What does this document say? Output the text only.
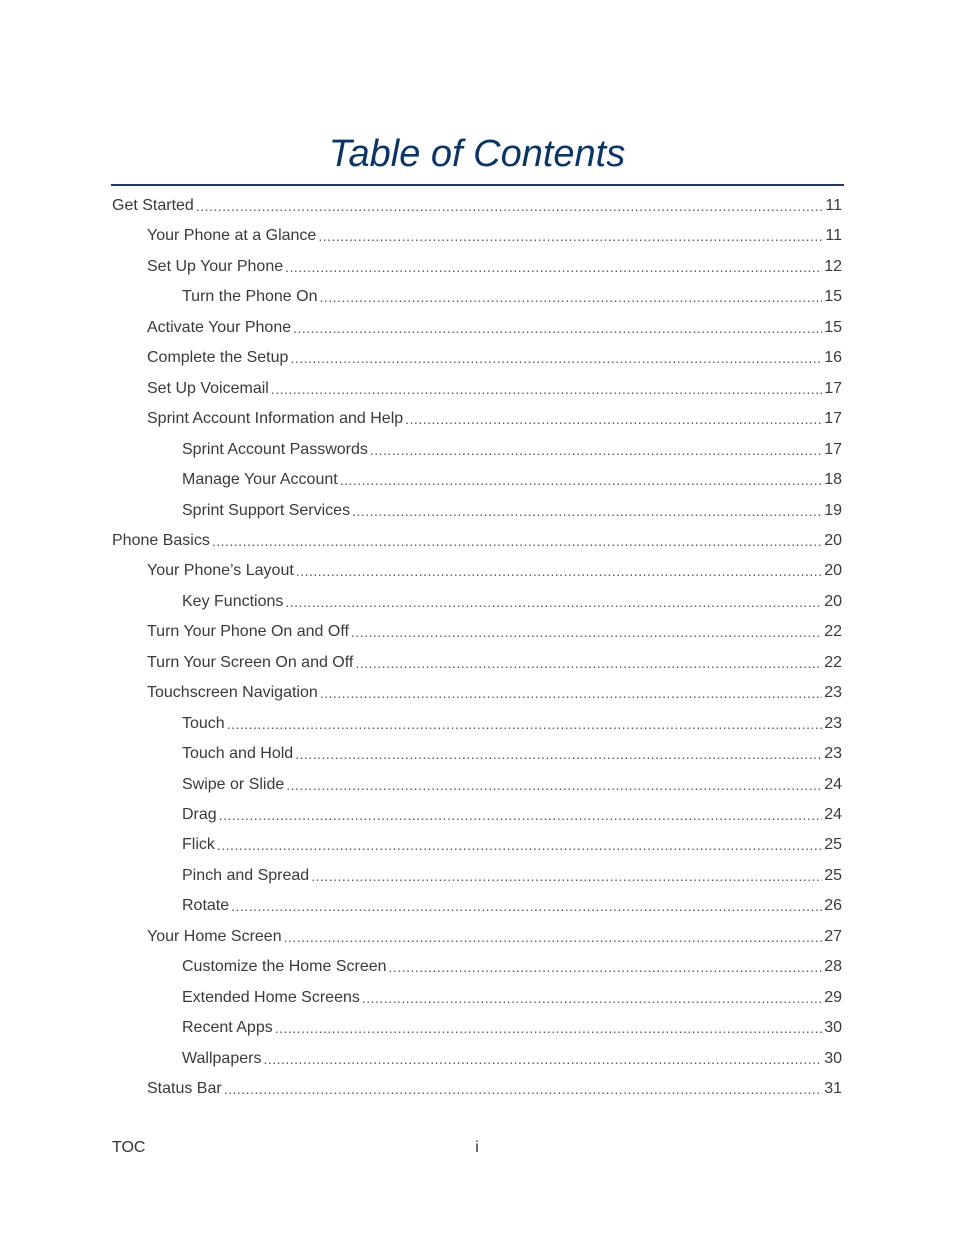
Table of Contents
Get Started .....	11
Your Phone at a Glance .....	11
Set Up Your Phone .....	12
Turn the Phone On .....	15
Activate Your Phone .....	15
Complete the Setup .....	16
Set Up Voicemail .....	17
Sprint Account Information and Help .....	17
Sprint Account Passwords .....	17
Manage Your Account .....	18
Sprint Support Services .....	19
Phone Basics .....	20
Your Phone’s Layout .....	20
Key Functions .....	20
Turn Your Phone On and Off .....	22
Turn Your Screen On and Off .....	22
Touchscreen Navigation .....	23
Touch .....	23
Touch and Hold .....	23
Swipe or Slide .....	24
Drag .....	24
Flick .....	25
Pinch and Spread .....	25
Rotate .....	26
Your Home Screen .....	27
Customize the Home Screen .....	28
Extended Home Screens .....	29
Recent Apps .....	30
Wallpapers .....	30
Status Bar .....	31
TOC	i
